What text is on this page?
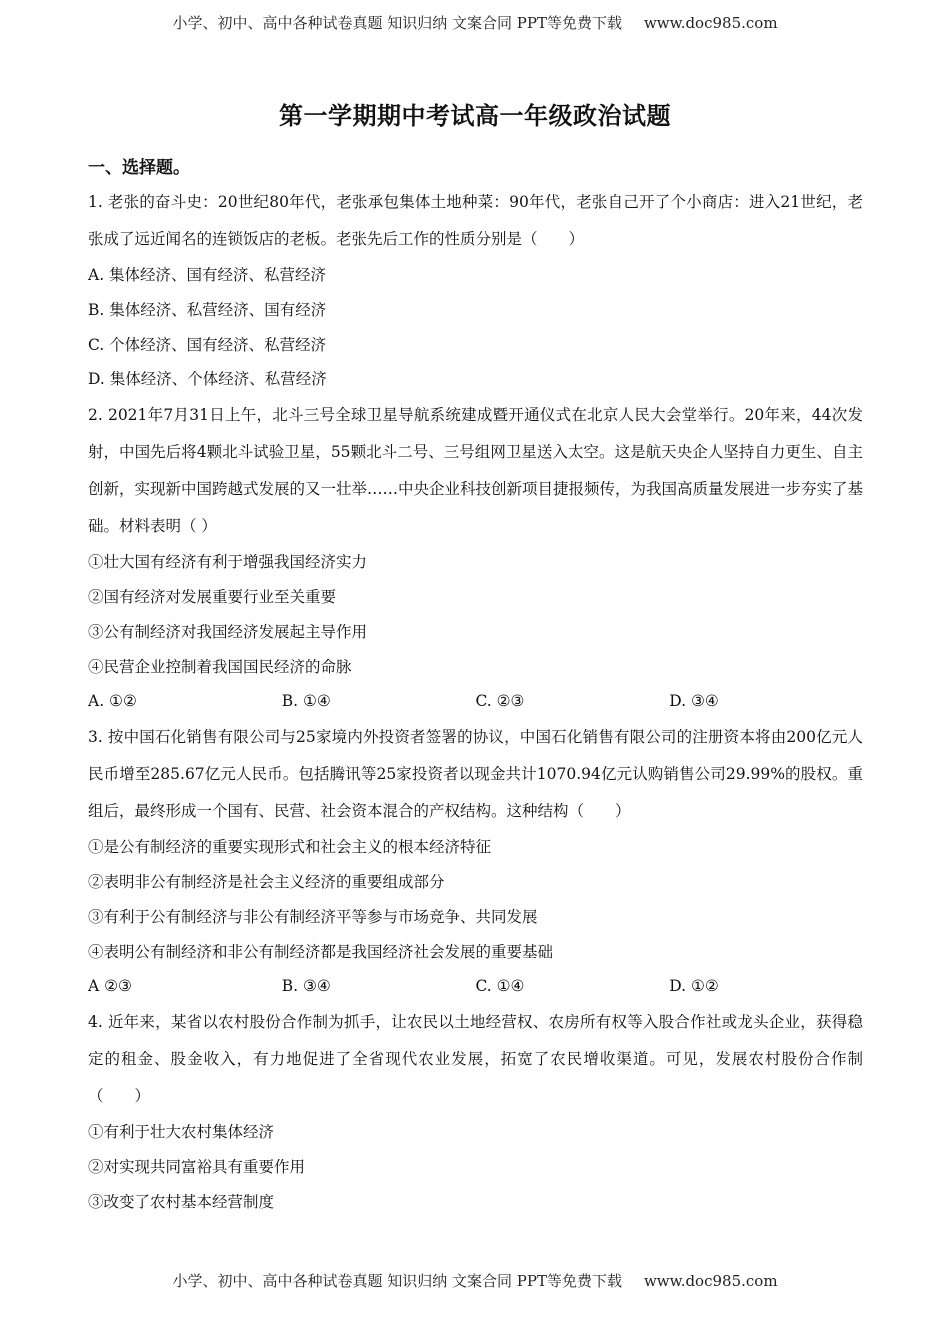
小学、初中、高中各种试卷真题 知识归纳 文案合同 PPT等免费下载 www.doc985.com
第一学期期中考试高一年级政治试题
一、选择题。
1. 老张的奋斗史：20世纪80年代，老张承包集体土地种菜：90年代，老张自己开了个小商店：进入21世纪，老张成了远近闻名的连锁饭店的老板。老张先后工作的性质分别是（　　）
A. 集体经济、国有经济、私营经济
B. 集体经济、私营经济、国有经济
C. 个体经济、国有经济、私营经济
D. 集体经济、个体经济、私营经济
2. 2021年7月31日上午，北斗三号全球卫星导航系统建成暨开通仪式在北京人民大会堂举行。20年来，44次发射，中国先后将4颗北斗试验卫星，55颗北斗二号、三号组网卫星送入太空。这是航天央企人坚持自力更生、自主创新，实现新中国跨越式发展的又一壮举……中央企业科技创新项目捷报频传，为我国高质量发展进一步夯实了基础。材料表明（ ）
①壮大国有经济有利于增强我国经济实力
②国有经济对发展重要行业至关重要
③公有制经济对我国经济发展起主导作用
④民营企业控制着我国国民经济的命脉
A. ①②	B. ①④	C. ②③	D. ③④
3. 按中国石化销售有限公司与25家境内外投资者签署的协议，中国石化销售有限公司的注册资本将由200亿元人民币增至285.67亿元人民币。包括腾讯等25家投资者以现金共计1070.94亿元认购销售公司29.99%的股权。重组后，最终形成一个国有、民营、社会资本混合的产权结构。这种结构（　　）
①是公有制经济的重要实现形式和社会主义的根本经济特征
②表明非公有制经济是社会主义经济的重要组成部分
③有利于公有制经济与非公有制经济平等参与市场竞争、共同发展
④表明公有制经济和非公有制经济都是我国经济社会发展的重要基础
A ②③	B. ③④	C. ①④	D. ①②
4. 近年来，某省以农村股份合作制为抓手，让农民以土地经营权、农房所有权等入股合作社或龙头企业，获得稳定的租金、股金收入，有力地促进了全省现代农业发展，拓宽了农民增收渠道。可见，发展农村股份合作制（　　）
①有利于壮大农村集体经济
②对实现共同富裕具有重要作用
③改变了农村基本经营制度
小学、初中、高中各种试卷真题 知识归纳 文案合同 PPT等免费下载 www.doc985.com
